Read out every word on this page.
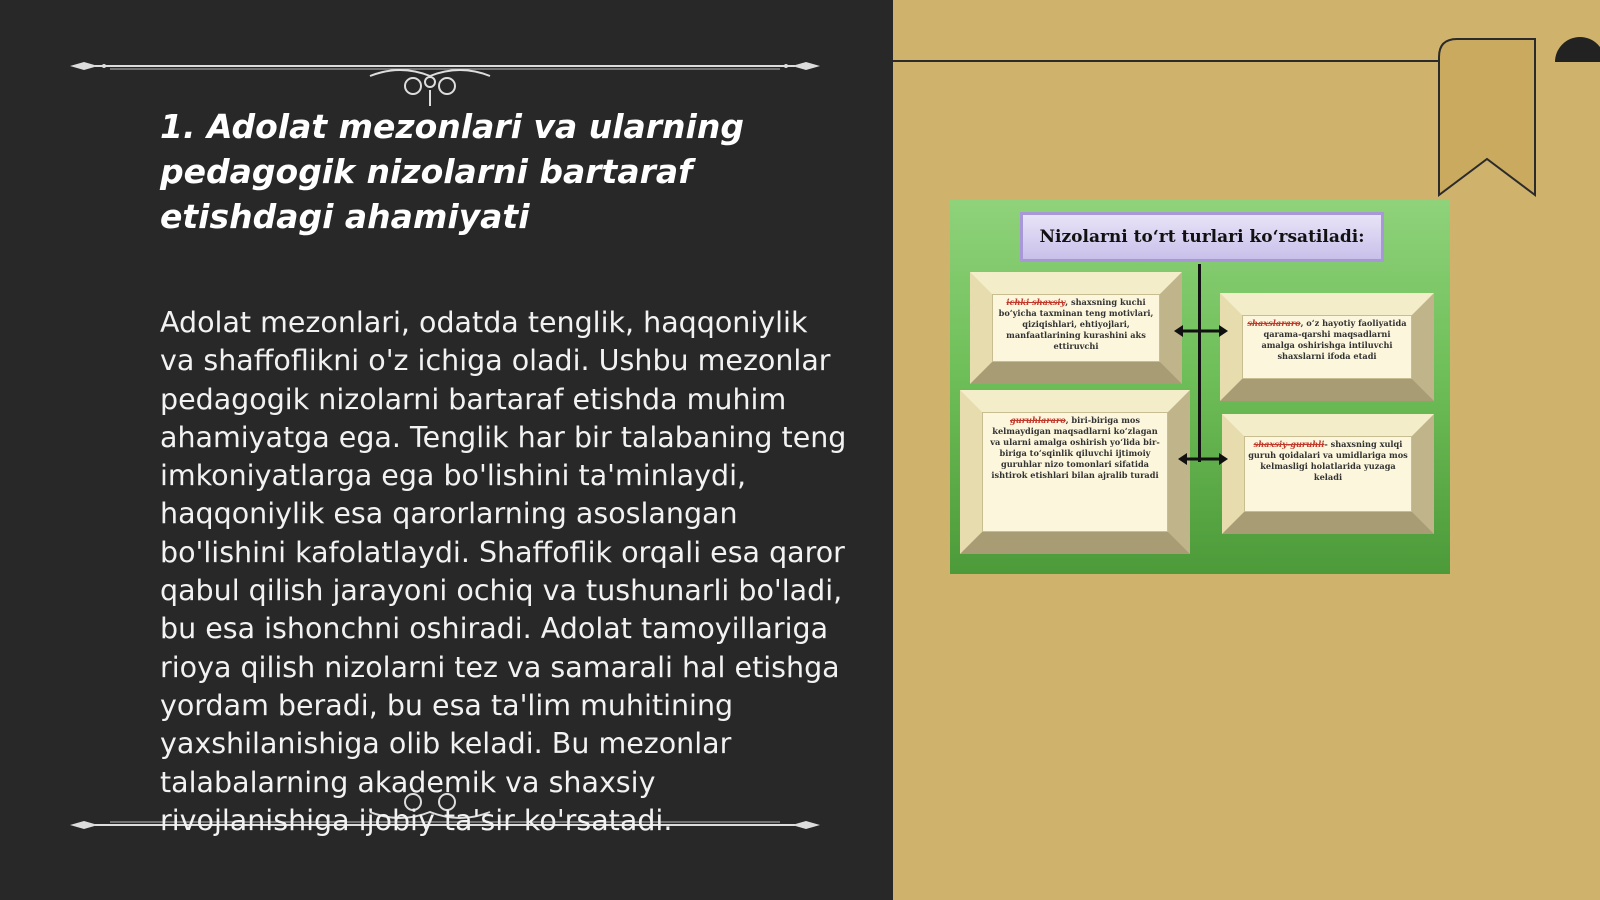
1. Adolat mezonlari va ularning pedagogik nizolarni bartaraf etishdagi ahamiyati

Adolat mezonlari, odatda tenglik, haqqoniylik va shaffoflikni o'z ichiga oladi. Ushbu mezonlar pedagogik nizolarni bartaraf etishda muhim ahamiyatga ega. Tenglik har bir talabaning teng imkoniyatlarga ega bo'lishini ta'minlaydi, haqqoniylik esa qarorlarning asoslangan bo'lishini kafolatlaydi. Shaffoflik orqali esa qaror qabul qilish jarayoni ochiq va tushunarli bo'ladi, bu esa ishonchni oshiradi. Adolat tamoyillariga rioya qilish nizolarni tez va samarali hal etishga yordam beradi, bu esa ta'lim muhitining yaxshilanishiga olib keladi. Bu mezonlar talabalarning akademik va shaxsiy rivojlanishiga ijobiy ta'sir ko'rsatadi.

Nizolarni to‘rt turlari ko‘rsatiladi:
ichki shaxsiy, shaxsning kuchi bo‘yicha taxminan teng motivlari, qiziqishlari, ehtiyojlari, manfaatlarining kurashini aks ettiruvchi
shaxslararo, o‘z hayotiy faoliyatida qarama-qarshi maqsadlarni amalga oshirishga intiluvchi shaxslarni ifoda etadi
guruhlararo, biri-biriga mos kelmaydigan maqsadlarni ko‘zlagan va ularni amalga oshirish yo‘lida bir-biriga to‘sqinlik qiluvchi ijtimoiy guruhlar nizo tomonlari sifatida ishtirok etishlari bilan ajralib turadi
shaxsiy-guruhli- shaxsning xulqi guruh qoidalari va umidlariga mos kelmasligi holatlarida yuzaga keladi
